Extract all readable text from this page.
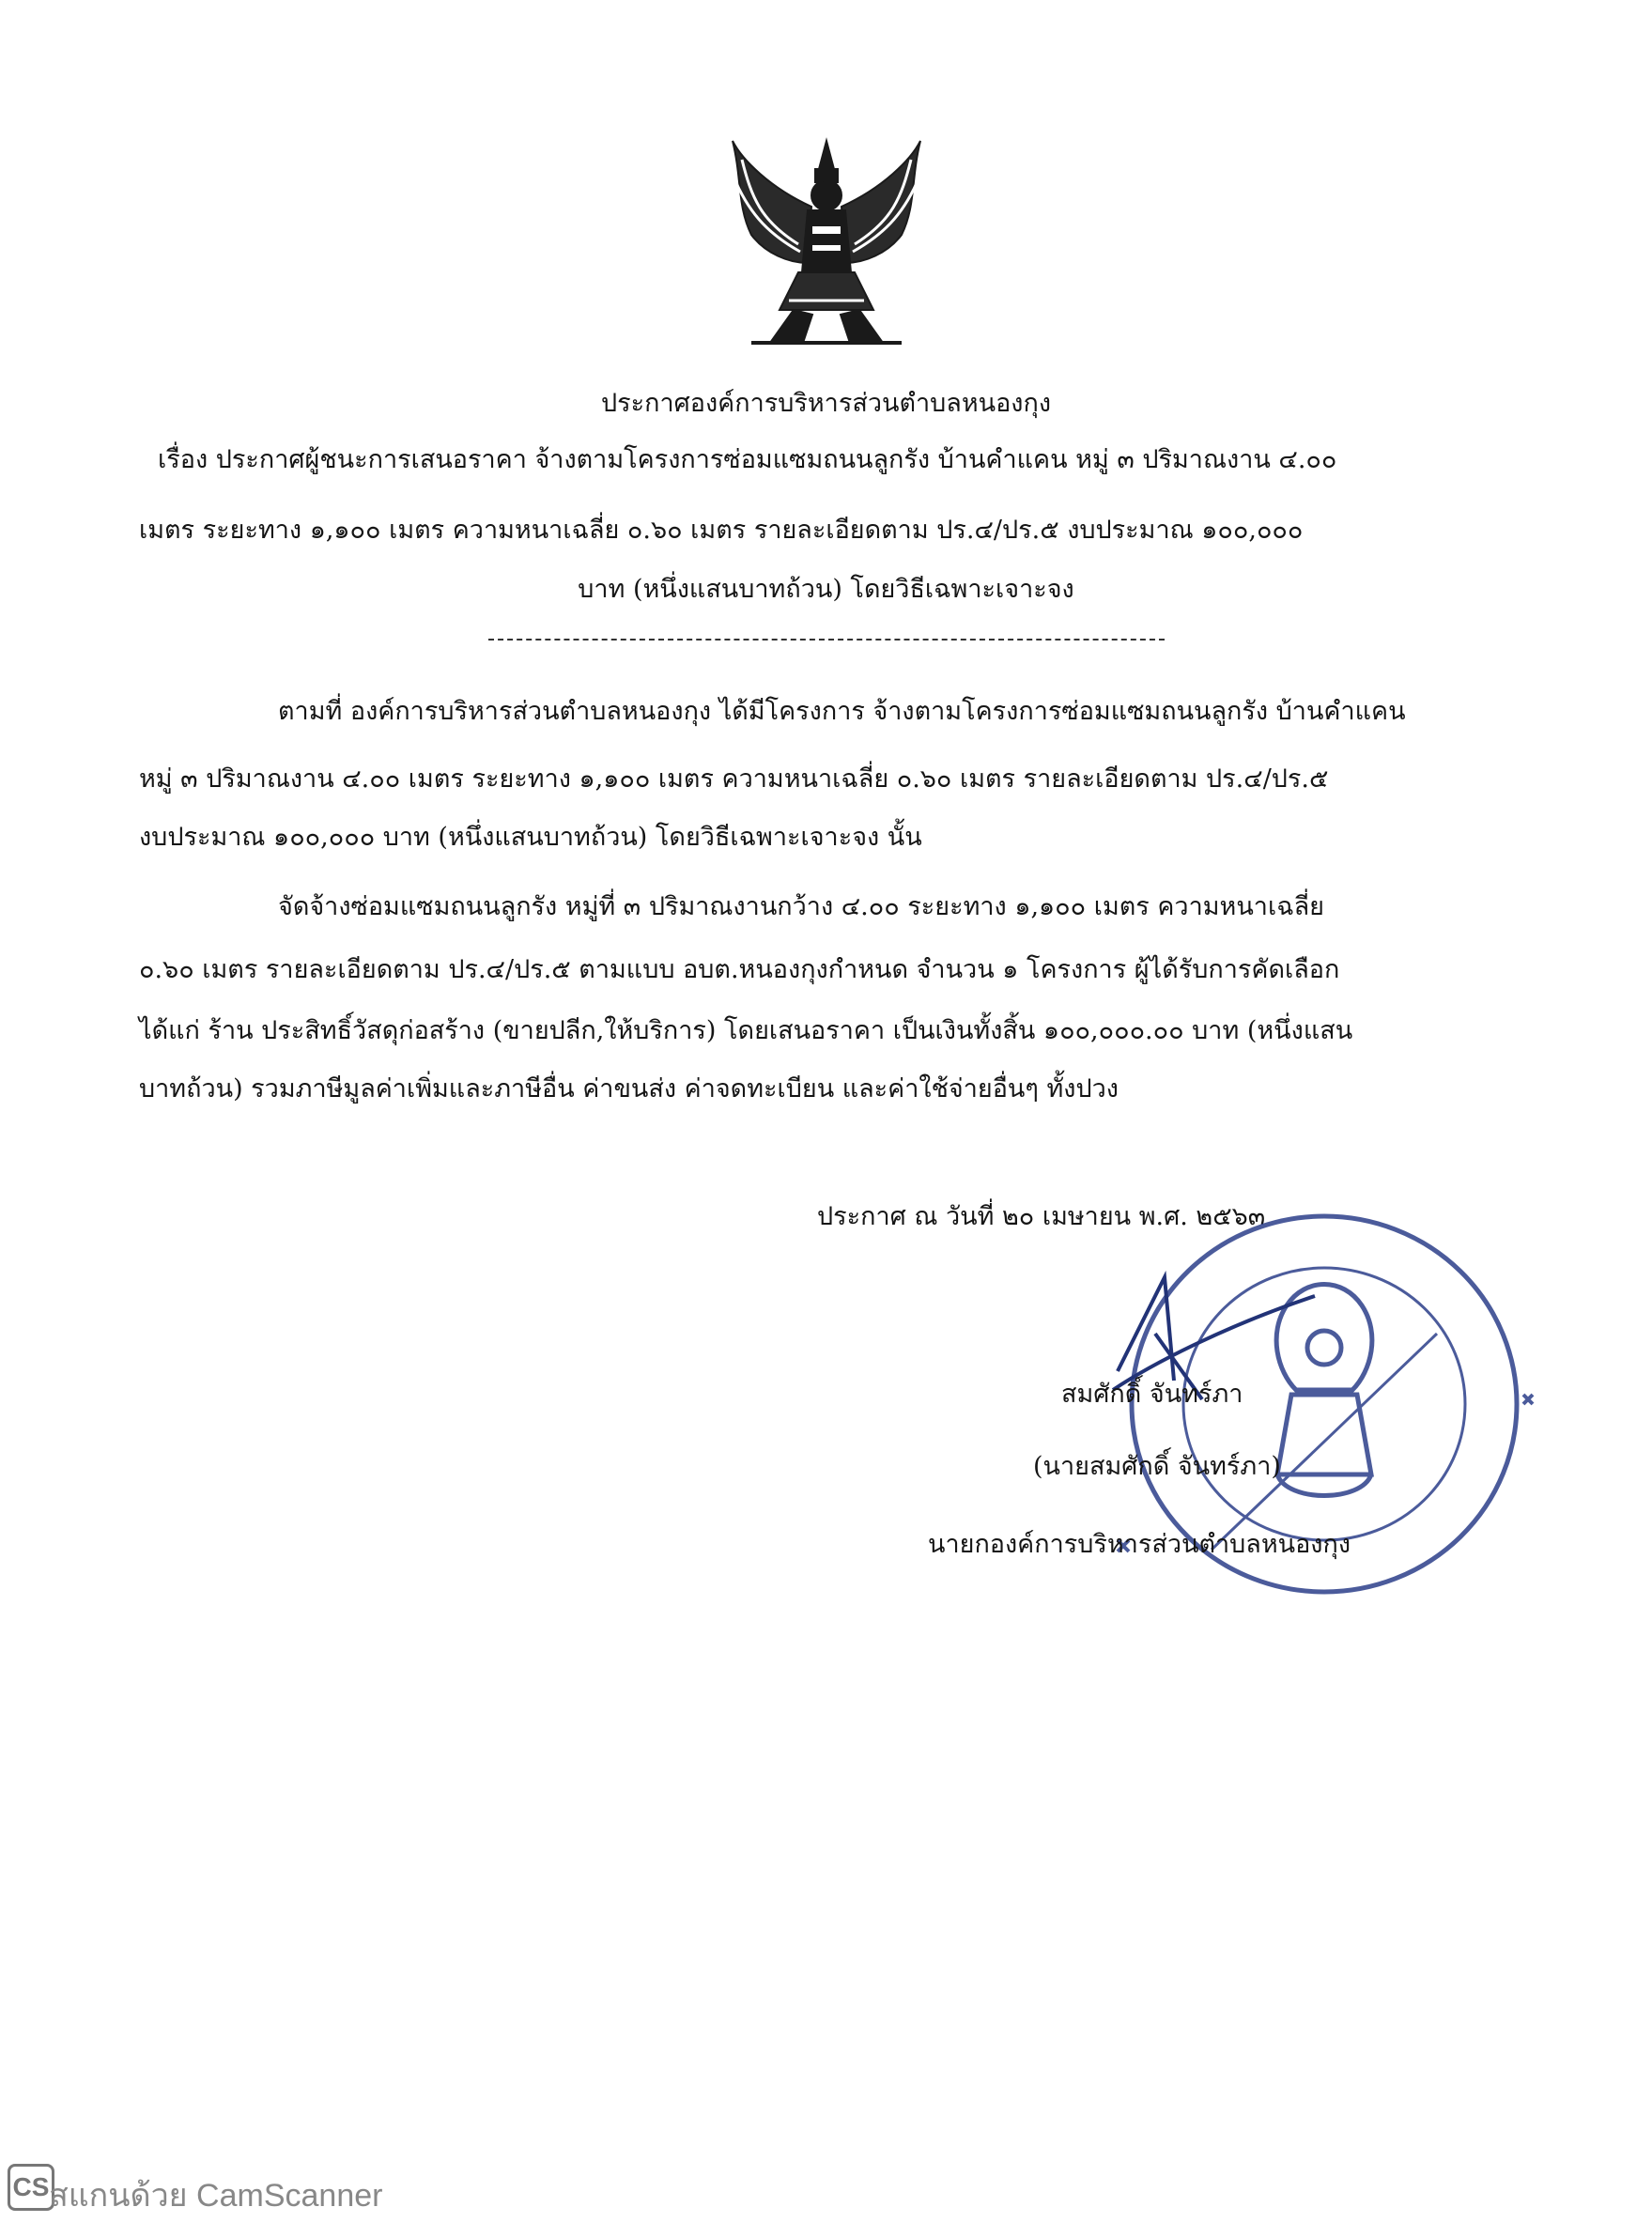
ประกาศองค์การบริหารส่วนตำบลหนองกุง
เรื่อง ประกาศผู้ชนะการเสนอราคา จ้างตามโครงการซ่อมแซมถนนลูกรัง บ้านคำแคน หมู่ ๓ ปริมาณงาน ๔.๐๐
เมตร ระยะทาง ๑,๑๐๐ เมตร ความหนาเฉลี่ย ๐.๖๐ เมตร รายละเอียดตาม ปร.๔/ปร.๕ งบประมาณ ๑๐๐,๐๐๐
บาท (หนึ่งแสนบาทถ้วน) โดยวิธีเฉพาะเจาะจง
ตามที่ องค์การบริหารส่วนตำบลหนองกุง ได้มีโครงการ จ้างตามโครงการซ่อมแซมถนนลูกรัง บ้านคำแคน
หมู่ ๓ ปริมาณงาน ๔.๐๐ เมตร ระยะทาง ๑,๑๐๐ เมตร ความหนาเฉลี่ย ๐.๖๐ เมตร รายละเอียดตาม ปร.๔/ปร.๕
งบประมาณ ๑๐๐,๐๐๐ บาท (หนึ่งแสนบาทถ้วน) โดยวิธีเฉพาะเจาะจง นั้น
จัดจ้างซ่อมแซมถนนลูกรัง หมู่ที่ ๓ ปริมาณงานกว้าง ๔.๐๐ ระยะทาง ๑,๑๐๐ เมตร ความหนาเฉลี่ย
๐.๖๐ เมตร รายละเอียดตาม ปร.๔/ปร.๕ ตามแบบ อบต.หนองกุงกำหนด จำนวน ๑ โครงการ ผู้ได้รับการคัดเลือก
ได้แก่ ร้าน ประสิทธิ์วัสดุก่อสร้าง (ขายปลีก,ให้บริการ) โดยเสนอราคา เป็นเงินทั้งสิ้น ๑๐๐,๐๐๐.๐๐ บาท (หนึ่งแสน
บาทถ้วน) รวมภาษีมูลค่าเพิ่มและภาษีอื่น ค่าขนส่ง ค่าจดทะเบียน และค่าใช้จ่ายอื่นๆ ทั้งปวง
ประกาศ ณ วันที่ ๒๐ เมษายน พ.ศ. ๒๕๖๓
สมศักดิ์ จันทร์ภา
(นายสมศักดิ์ จันทร์ภา)
นายกองค์การบริหารส่วนตำบลหนองกุง
CS สแกนด้วย CamScanner
